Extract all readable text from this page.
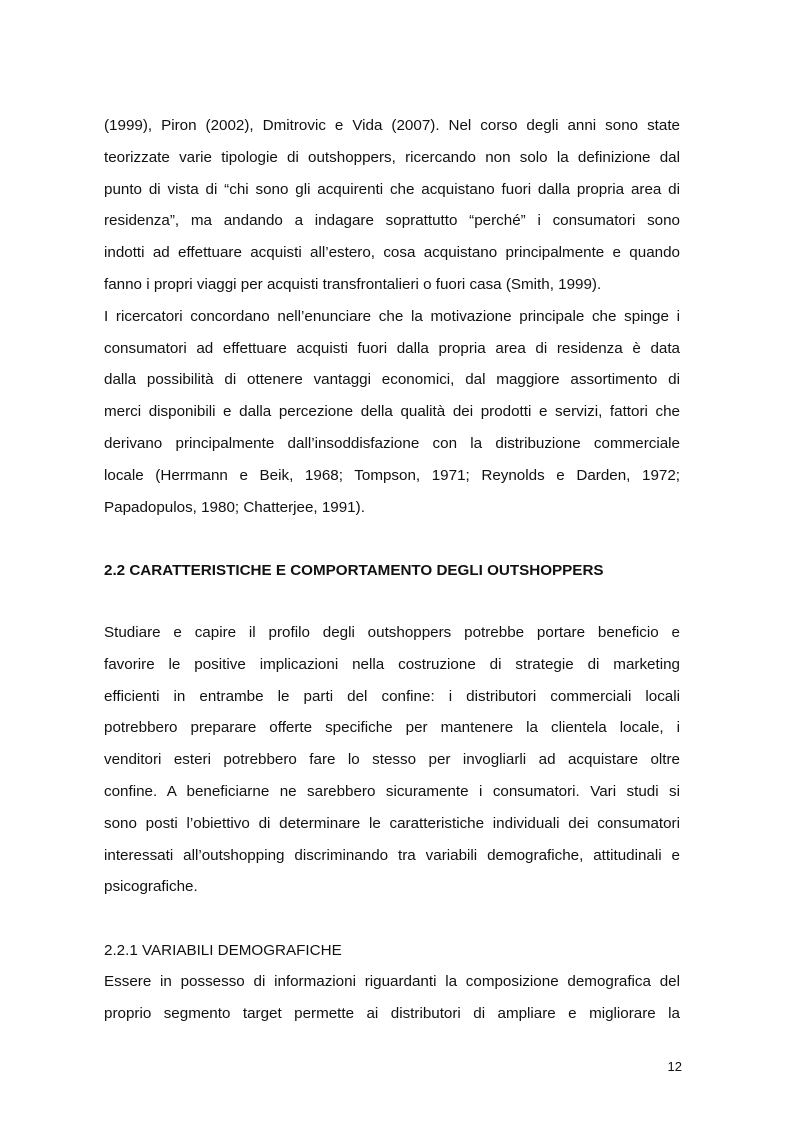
(1999), Piron (2002), Dmitrovic e Vida (2007). Nel corso degli anni sono state
teorizzate varie tipologie di outshoppers, ricercando non solo la definizione dal
punto di vista di “chi sono gli acquirenti che acquistano fuori dalla propria area di
residenza”, ma andando a indagare soprattutto “perché” i consumatori sono
indotti ad effettuare acquisti all’estero, cosa acquistano principalmente e quando
fanno i propri viaggi per acquisti transfrontalieri o fuori casa (Smith, 1999).

I ricercatori concordano nell’enunciare che la motivazione principale che spinge i
consumatori ad effettuare acquisti fuori dalla propria area di residenza è data
dalla possibilità di ottenere vantaggi economici, dal maggiore assortimento di
merci disponibili e dalla percezione della qualità dei prodotti e servizi, fattori che
derivano principalmente dall’insoddisfazione con la distribuzione commerciale
locale (Herrmann e Beik, 1968; Tompson, 1971; Reynolds e Darden, 1972;
Papadopulos, 1980; Chatterjee, 1991).

2.2 CARATTERISTICHE E COMPORTAMENTO DEGLI OUTSHOPPERS

Studiare e capire il profilo degli outshoppers potrebbe portare beneficio e
favorire le positive implicazioni nella costruzione di strategie di marketing
efficienti in entrambe le parti del confine: i distributori commerciali locali
potrebbero preparare offerte specifiche per mantenere la clientela locale, i
venditori esteri potrebbero fare lo stesso per invogliarli ad acquistare oltre
confine. A beneficiarne ne sarebbero sicuramente i consumatori. Vari studi si
sono posti l’obiettivo di determinare le caratteristiche individuali dei consumatori
interessati all’outshopping discriminando tra variabili demografiche, attitudinali e
psicografiche.

2.2.1 VARIABILI DEMOGRAFICHE

Essere in possesso di informazioni riguardanti la composizione demografica del
proprio segmento target permette ai distributori di ampliare e migliorare la

12
